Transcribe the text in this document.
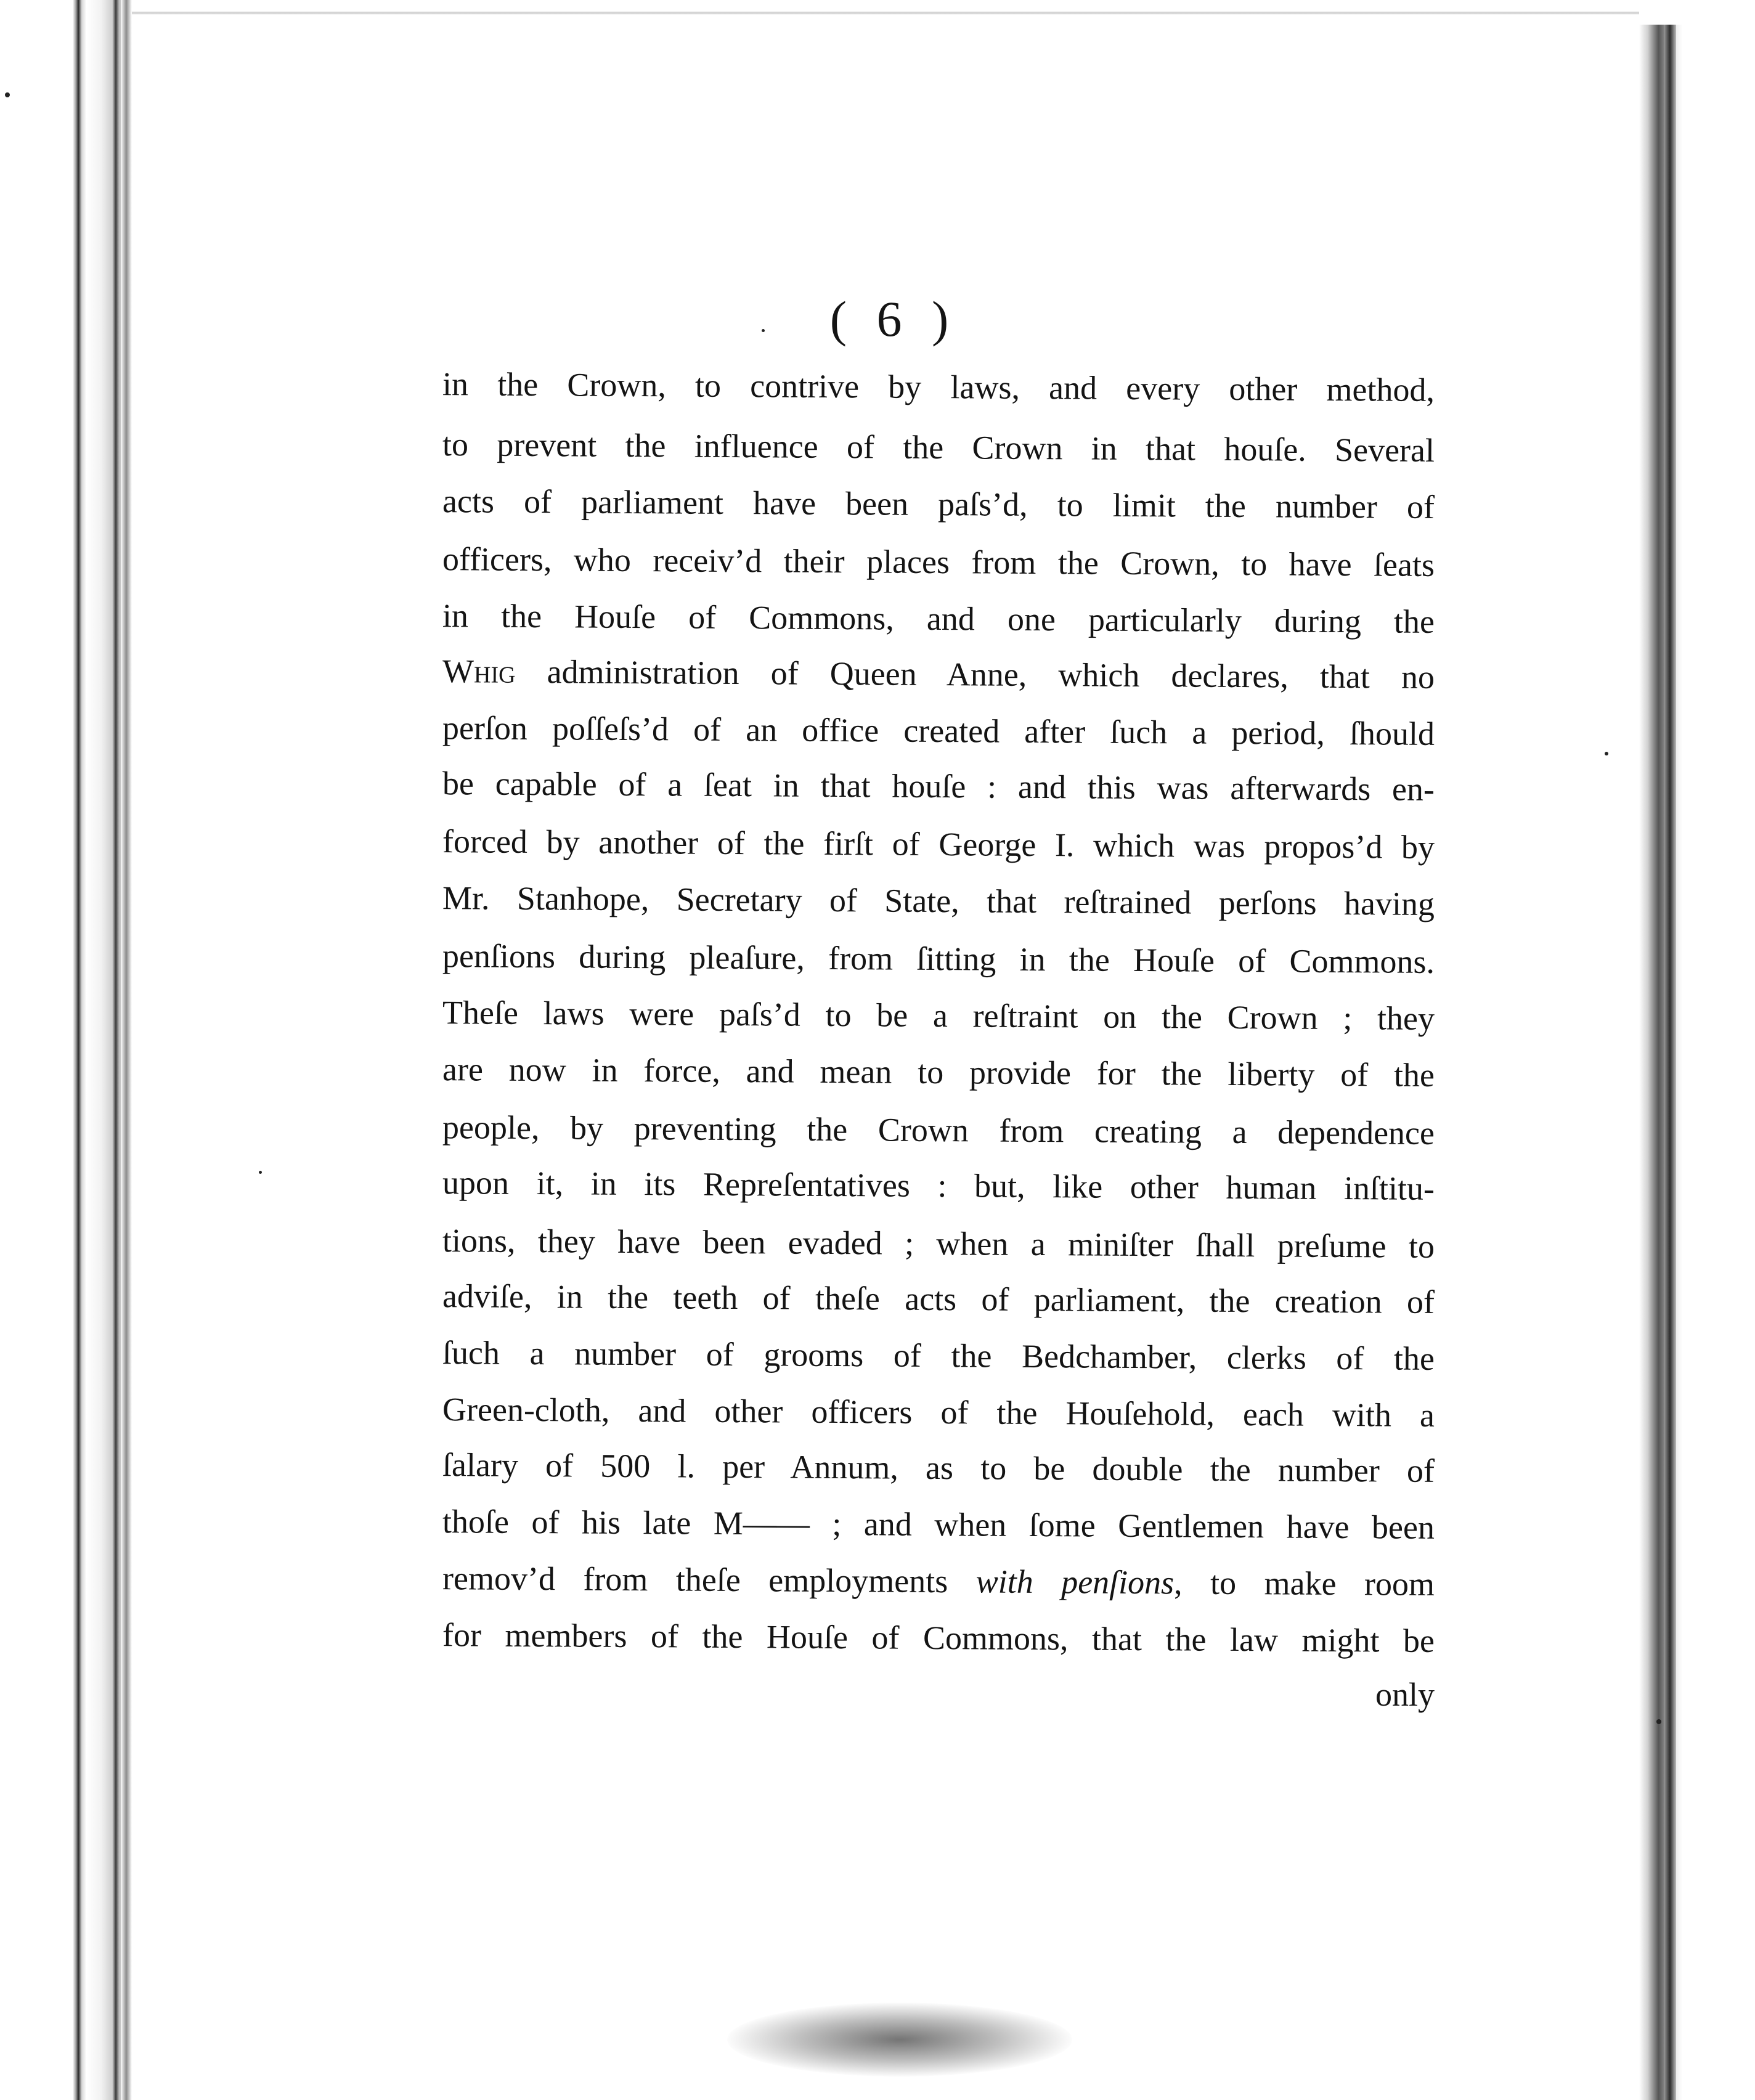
( 6 )
in the Crown, to contrive by laws, and every other method,
to prevent the influence of the Crown in that houſe. Several
acts of parliament have been paſs’d, to limit the number of
officers, who receiv’d their places from the Crown, to have ſeats
in the Houſe of Commons, and one particularly during the
Whig administration of Queen Anne, which declares, that no
perſon poſſeſs’d of an office created after ſuch a period, ſhould
be capable of a ſeat in that houſe : and this was afterwards en-
forced by another of the firſt of George I. which was propos’d by
Mr. Stanhope, Secretary of State, that reſtrained perſons having
penſions during pleaſure, from ſitting in the Houſe of Commons.
Theſe laws were paſs’d to be a reſtraint on the Crown ; they
are now in force, and mean to provide for the liberty of the
people, by preventing the Crown from creating a dependence
upon it, in its Repreſentatives : but, like other human inſtitu-
tions, they have been evaded ; when a miniſter ſhall preſume to
adviſe, in the teeth of theſe acts of parliament, the creation of
ſuch a number of grooms of the Bedchamber, clerks of the
Green-cloth, and other officers of the Houſehold, each with a
ſalary of 500 l. per Annum, as to be double the number of
thoſe of his late M—— ; and when ſome Gentlemen have been
remov’d from theſe employments with penſions, to make room
for members of the Houſe of Commons, that the law might be
only
